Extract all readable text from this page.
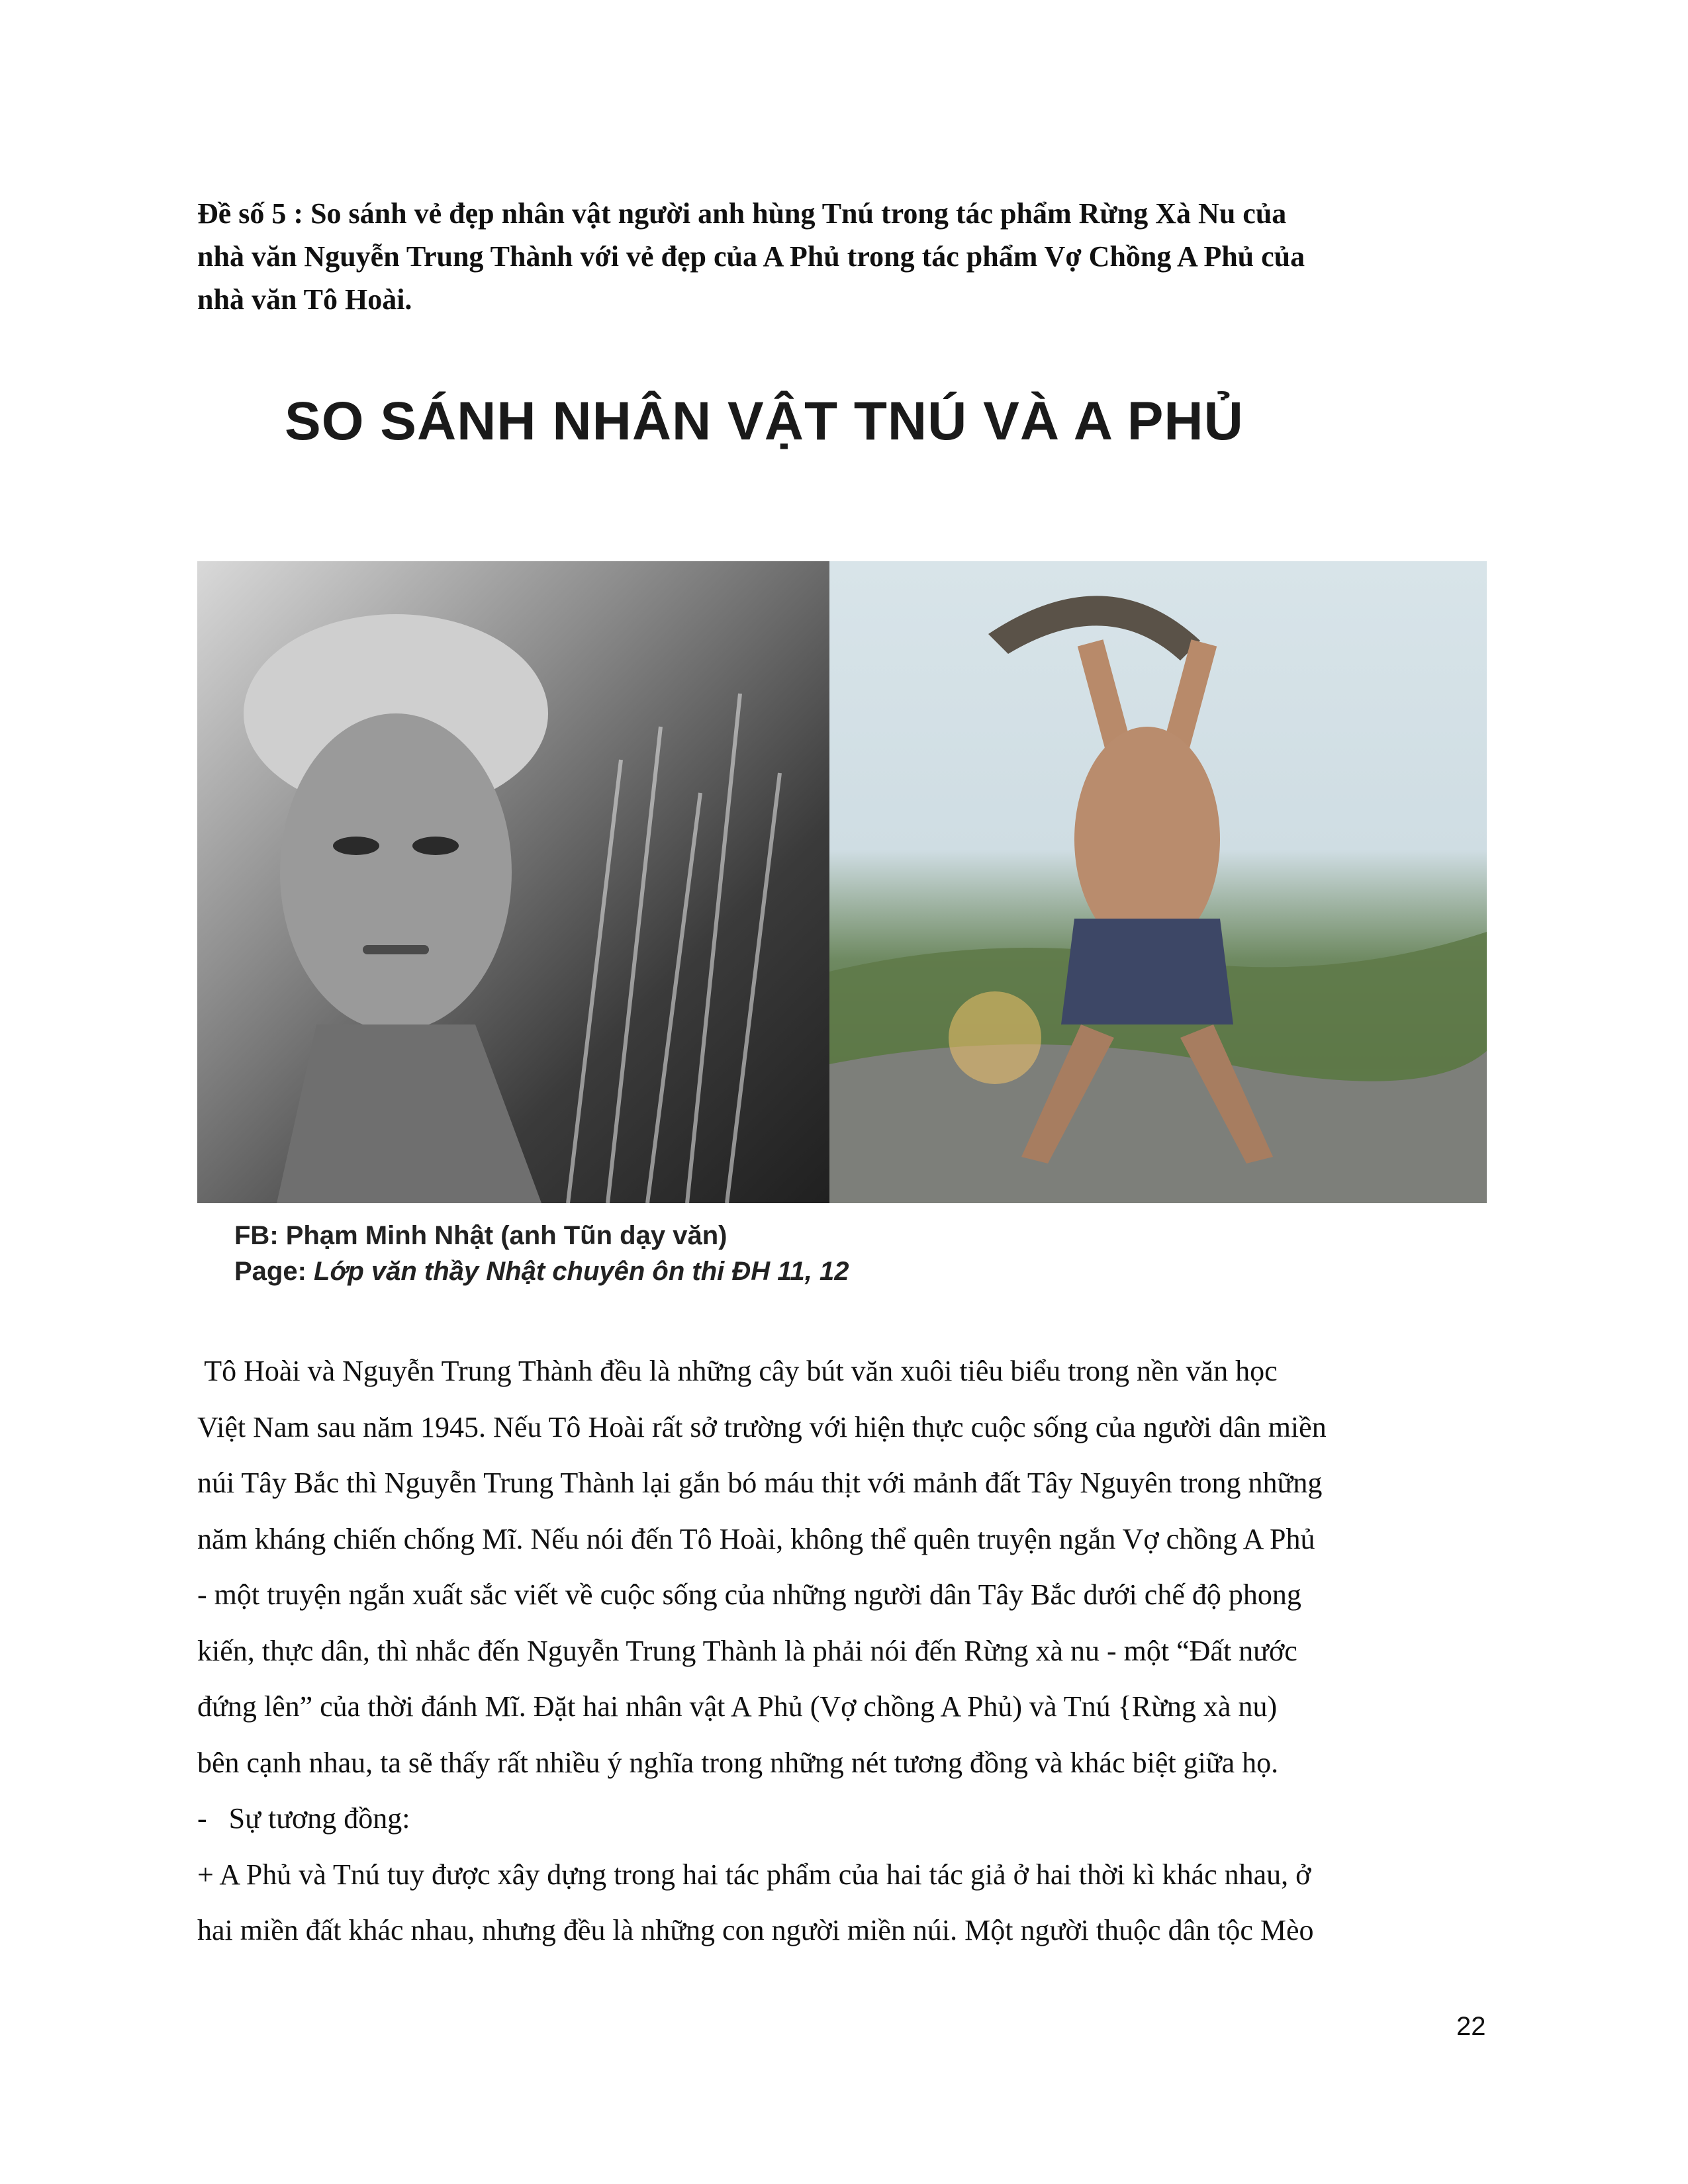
Đề số 5 : So sánh vẻ đẹp nhân vật người anh hùng Tnú trong tác phẩm Rừng Xà Nu của
nhà văn Nguyễn Trung Thành với vẻ đẹp của A Phủ trong tác phẩm Vợ Chồng A Phủ của
nhà văn Tô Hoài.
SO SÁNH NHÂN VẬT TNÚ VÀ A PHỦ
FB: Phạm Minh Nhật (anh Tũn dạy văn)
Page: Lớp văn thầy Nhật chuyên ôn thi ĐH 11, 12
Tô Hoài và Nguyễn Trung Thành đều là những cây bút văn xuôi tiêu biểu trong nền văn học
Việt Nam sau năm 1945. Nếu Tô Hoài rất sở trường với hiện thực cuộc sống của người dân miền
núi Tây Bắc thì Nguyễn Trung Thành lại gắn bó máu thịt với mảnh đất Tây Nguyên trong những
năm kháng chiến chống Mĩ. Nếu nói đến Tô Hoài, không thể quên truyện ngắn Vợ chồng A Phủ
- một truyện ngắn xuất sắc viết về cuộc sống của những người dân Tây Bắc dưới chế độ phong
kiến, thực dân, thì nhắc đến Nguyễn Trung Thành là phải nói đến Rừng xà nu - một “Đất nước
đứng lên” của thời đánh Mĩ. Đặt hai nhân vật A Phủ (Vợ chồng A Phủ) và Tnú {Rừng xà nu)
bên cạnh nhau, ta sẽ thấy rất nhiều ý nghĩa trong những nét tương đồng và khác biệt giữa họ.
-   Sự tương đồng:
+ A Phủ và Tnú tuy được xây dựng trong hai tác phẩm của hai tác giả ở hai thời kì khác nhau, ở
hai miền đất khác nhau, nhưng đều là những con người miền núi. Một người thuộc dân tộc Mèo
22
